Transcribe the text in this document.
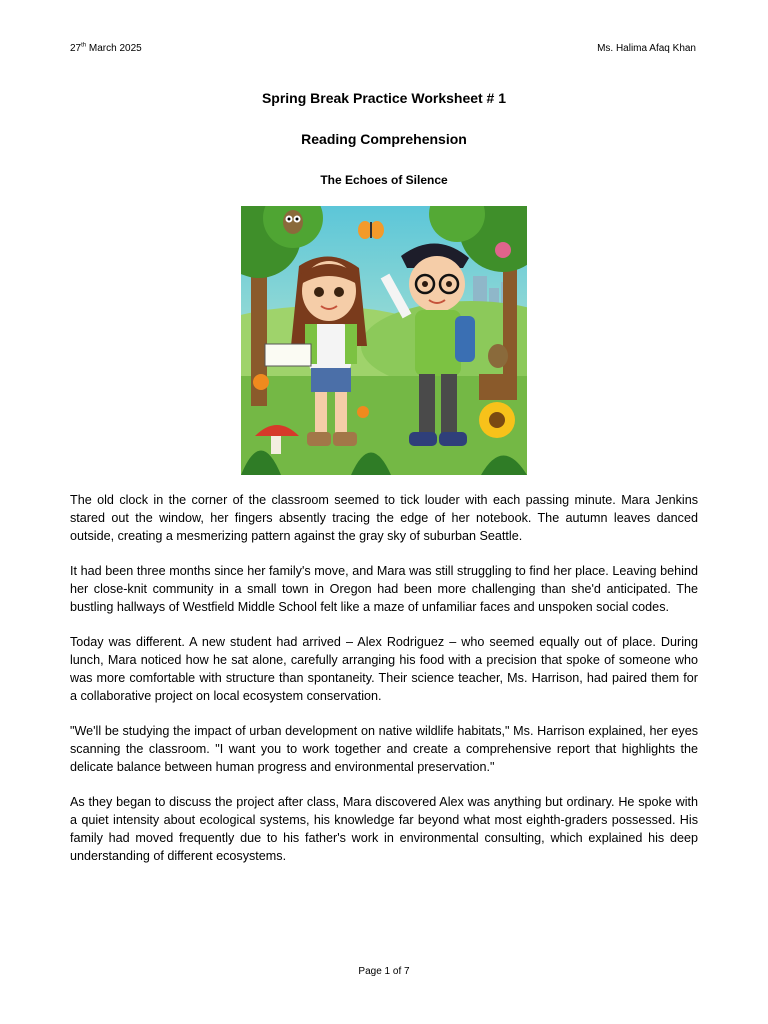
27th March 2025	Ms. Halima Afaq Khan
Spring Break Practice Worksheet # 1
Reading Comprehension
The Echoes of Silence

The old clock in the corner of the classroom seemed to tick louder with each passing minute. Mara Jenkins stared out the window, her fingers absently tracing the edge of her notebook. The autumn leaves danced outside, creating a mesmerizing pattern against the gray sky of suburban Seattle.

It had been three months since her family's move, and Mara was still struggling to find her place. Leaving behind her close-knit community in a small town in Oregon had been more challenging than she'd anticipated. The bustling hallways of Westfield Middle School felt like a maze of unfamiliar faces and unspoken social codes.

Today was different. A new student had arrived – Alex Rodriguez – who seemed equally out of place. During lunch, Mara noticed how he sat alone, carefully arranging his food with a precision that spoke of someone who was more comfortable with structure than spontaneity. Their science teacher, Ms. Harrison, had paired them for a collaborative project on local ecosystem conservation.

"We'll be studying the impact of urban development on native wildlife habitats," Ms. Harrison explained, her eyes scanning the classroom. "I want you to work together and create a comprehensive report that highlights the delicate balance between human progress and environmental preservation."

As they began to discuss the project after class, Mara discovered Alex was anything but ordinary. He spoke with a quiet intensity about ecological systems, his knowledge far beyond what most eighth-graders possessed. His family had moved frequently due to his father's work in environmental consulting, which explained his deep understanding of different ecosystems.

Page 1 of 7
